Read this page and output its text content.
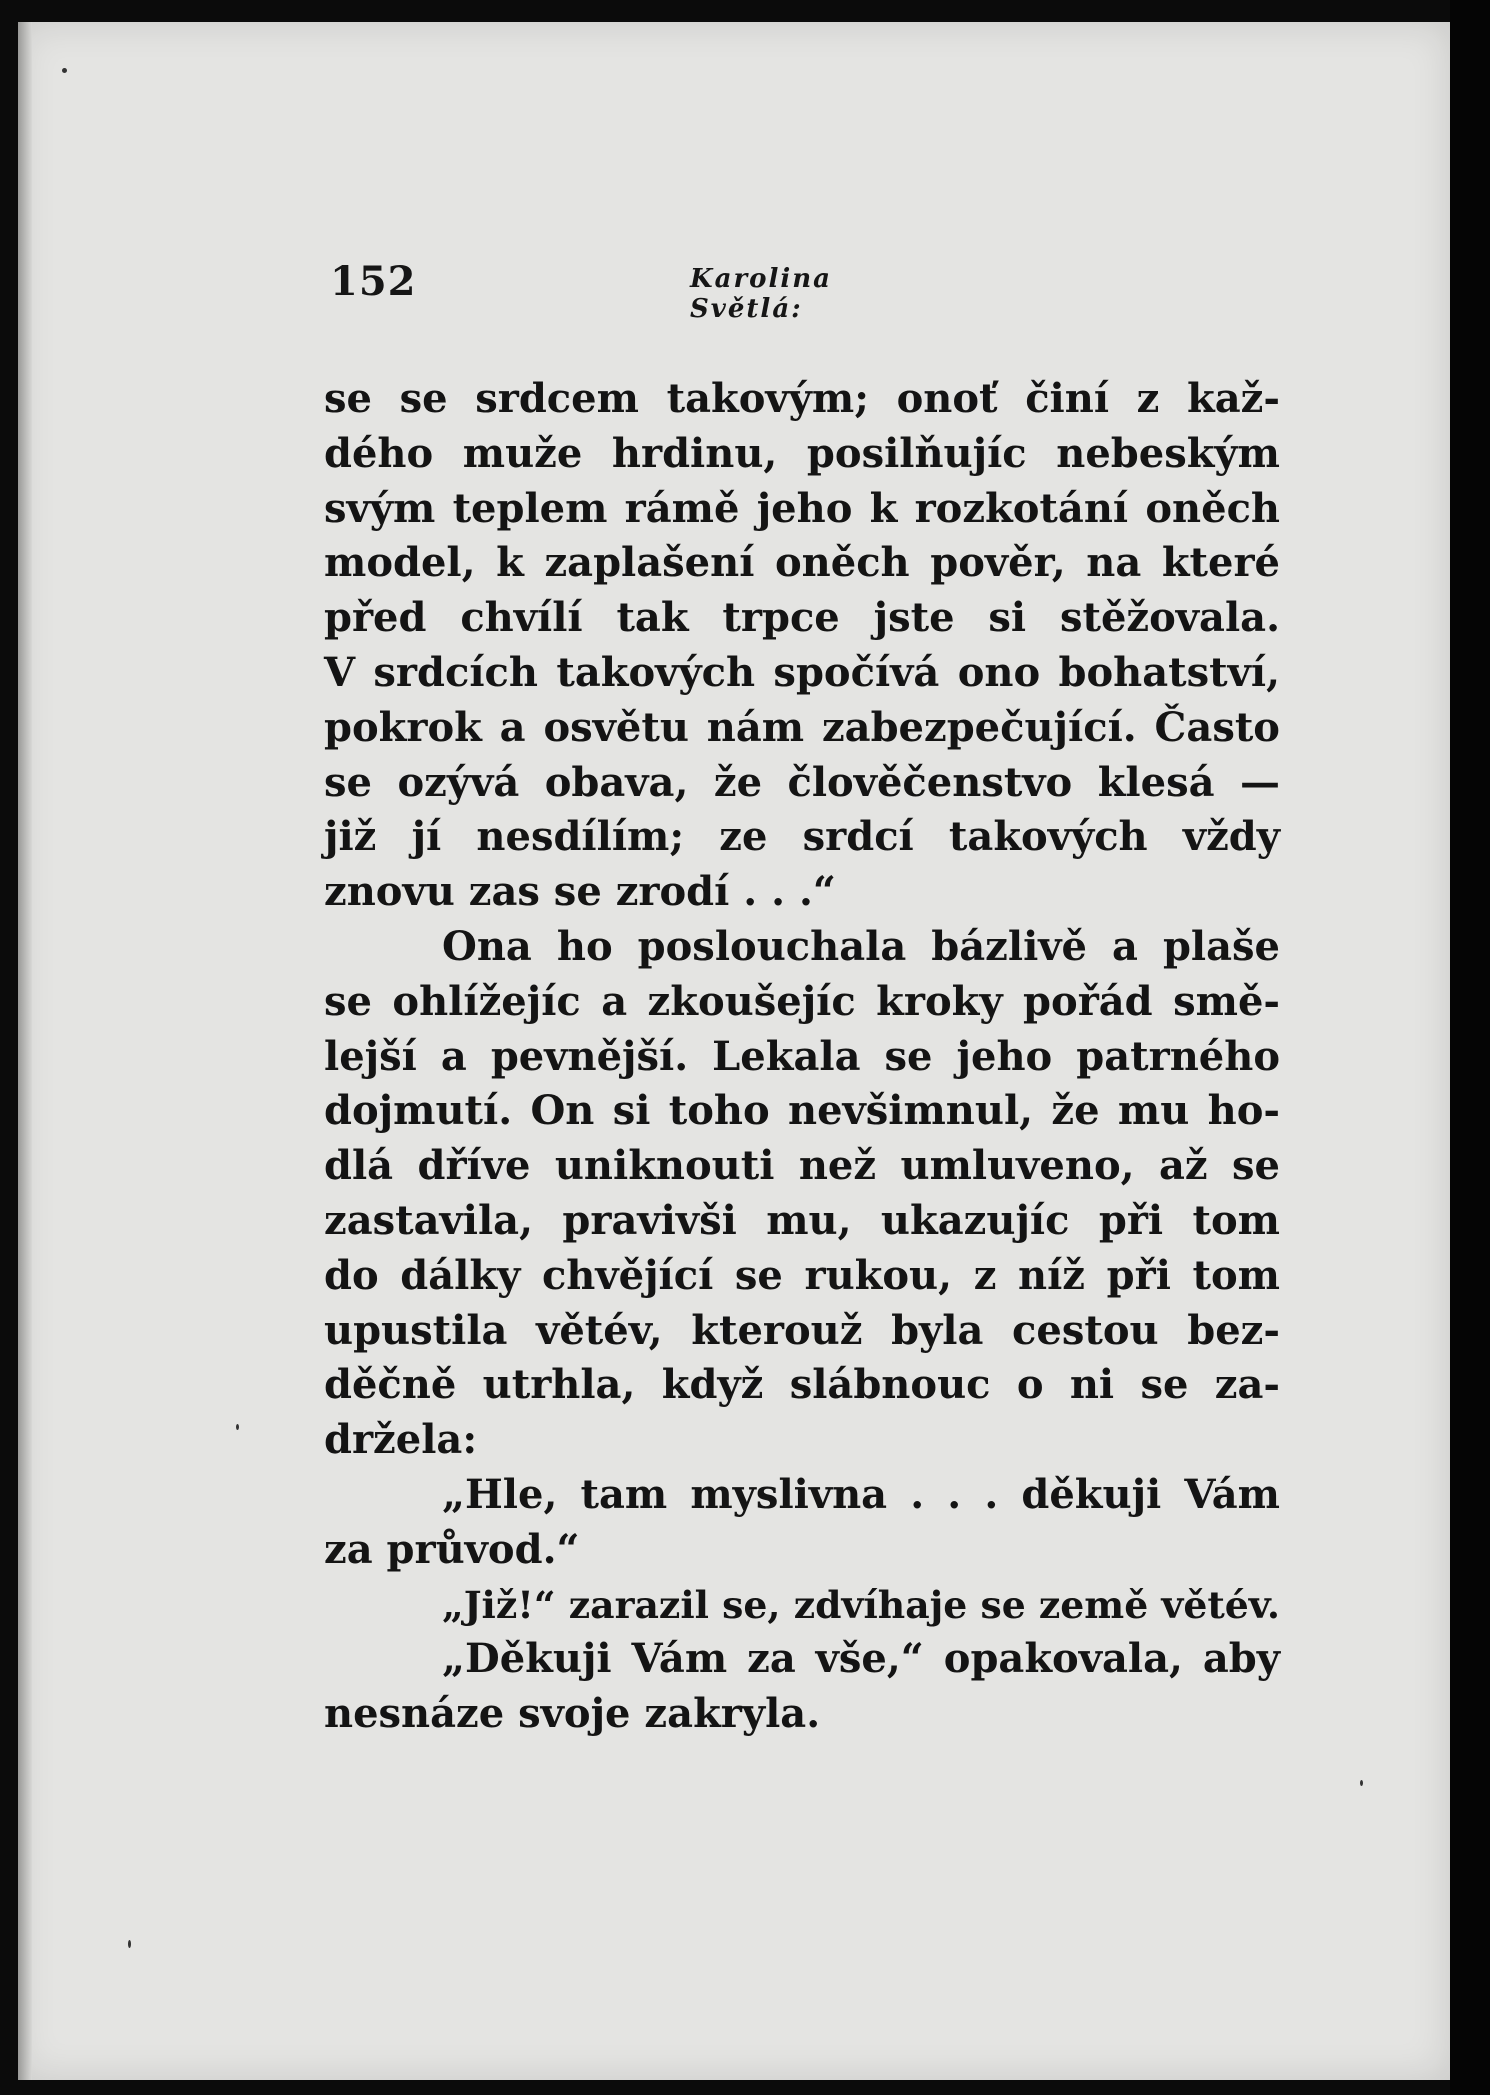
152	Karolina Světlá:
se se srdcem takovým; onoť činí z kaž-
dého muže hrdinu, posilňujíc nebeským
svým teplem rámě jeho k rozkotání oněch
model, k zaplašení oněch pověr, na které
před chvílí tak trpce jste si stěžovala.
V srdcích takových spočívá ono bohatství,
pokrok a osvětu nám zabezpečující. Často
se ozývá obava, že člověčenstvo klesá —
již jí nesdílím; ze srdcí takových vždy
znovu zas se zrodí . . .“
Ona ho poslouchala bázlivě a plaše
se ohlížejíc a zkoušejíc kroky pořád smě-
lejší a pevnější. Lekala se jeho patrného
dojmutí. On si toho nevšimnul, že mu ho-
dlá dříve uniknouti než umluveno, až se
zastavila, pravivši mu, ukazujíc při tom
do dálky chvějící se rukou, z níž při tom
upustila větév, kterouž byla cestou bez-
děčně utrhla, když slábnouc o ni se za-
držela:
„Hle, tam myslivna . . . děkuji Vám
za průvod.“
„Již!“ zarazil se, zdvíhaje se země větév.
„Děkuji Vám za vše,“ opakovala, aby
nesnáze svoje zakryla.
